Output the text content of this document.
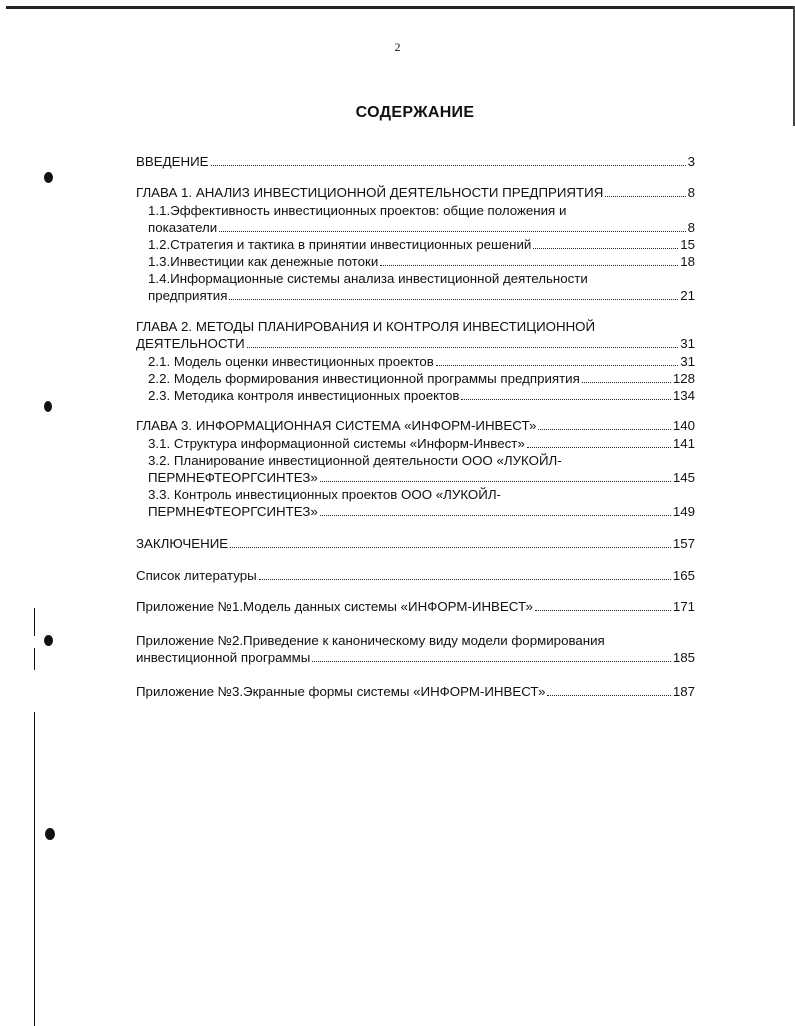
2
СОДЕРЖАНИЕ
ВВЕДЕНИЕ	3
ГЛАВА 1. АНАЛИЗ ИНВЕСТИЦИОННОЙ ДЕЯТЕЛЬНОСТИ ПРЕДПРИЯТИЯ	8
1.1.Эффективность инвестиционных проектов: общие положения и
показатели	8
1.2.Стратегия и тактика в принятии инвестиционных решений	15
1.3.Инвестиции как денежные потоки	18
1.4.Информационные системы анализа инвестиционной деятельности
предприятия	21
ГЛАВА 2. МЕТОДЫ ПЛАНИРОВАНИЯ И КОНТРОЛЯ ИНВЕСТИЦИОННОЙ
ДЕЯТЕЛЬНОСТИ	31
2.1. Модель оценки инвестиционных проектов	31
2.2. Модель формирования инвестиционной программы предприятия	128
2.3. Методика контроля инвестиционных проектов	134
ГЛАВА 3. ИНФОРМАЦИОННАЯ СИСТЕМА «ИНФОРМ-ИНВЕСТ»	140
3.1. Структура информационной системы «Информ-Инвест»	141
3.2. Планирование инвестиционной деятельности ООО «ЛУКОЙЛ-
ПЕРМНЕФТЕОРГСИНТЕЗ»	145
3.3. Контроль инвестиционных проектов ООО «ЛУКОЙЛ-
ПЕРМНЕФТЕОРГСИНТЕЗ»	149
ЗАКЛЮЧЕНИЕ	157
Список литературы	165
Приложение №1.Модель данных системы «ИНФОРМ-ИНВЕСТ»	171
Приложение №2.Приведение к каноническому виду модели формирования
инвестиционной программы	185
Приложение №3.Экранные формы системы «ИНФОРМ-ИНВЕСТ»	187
